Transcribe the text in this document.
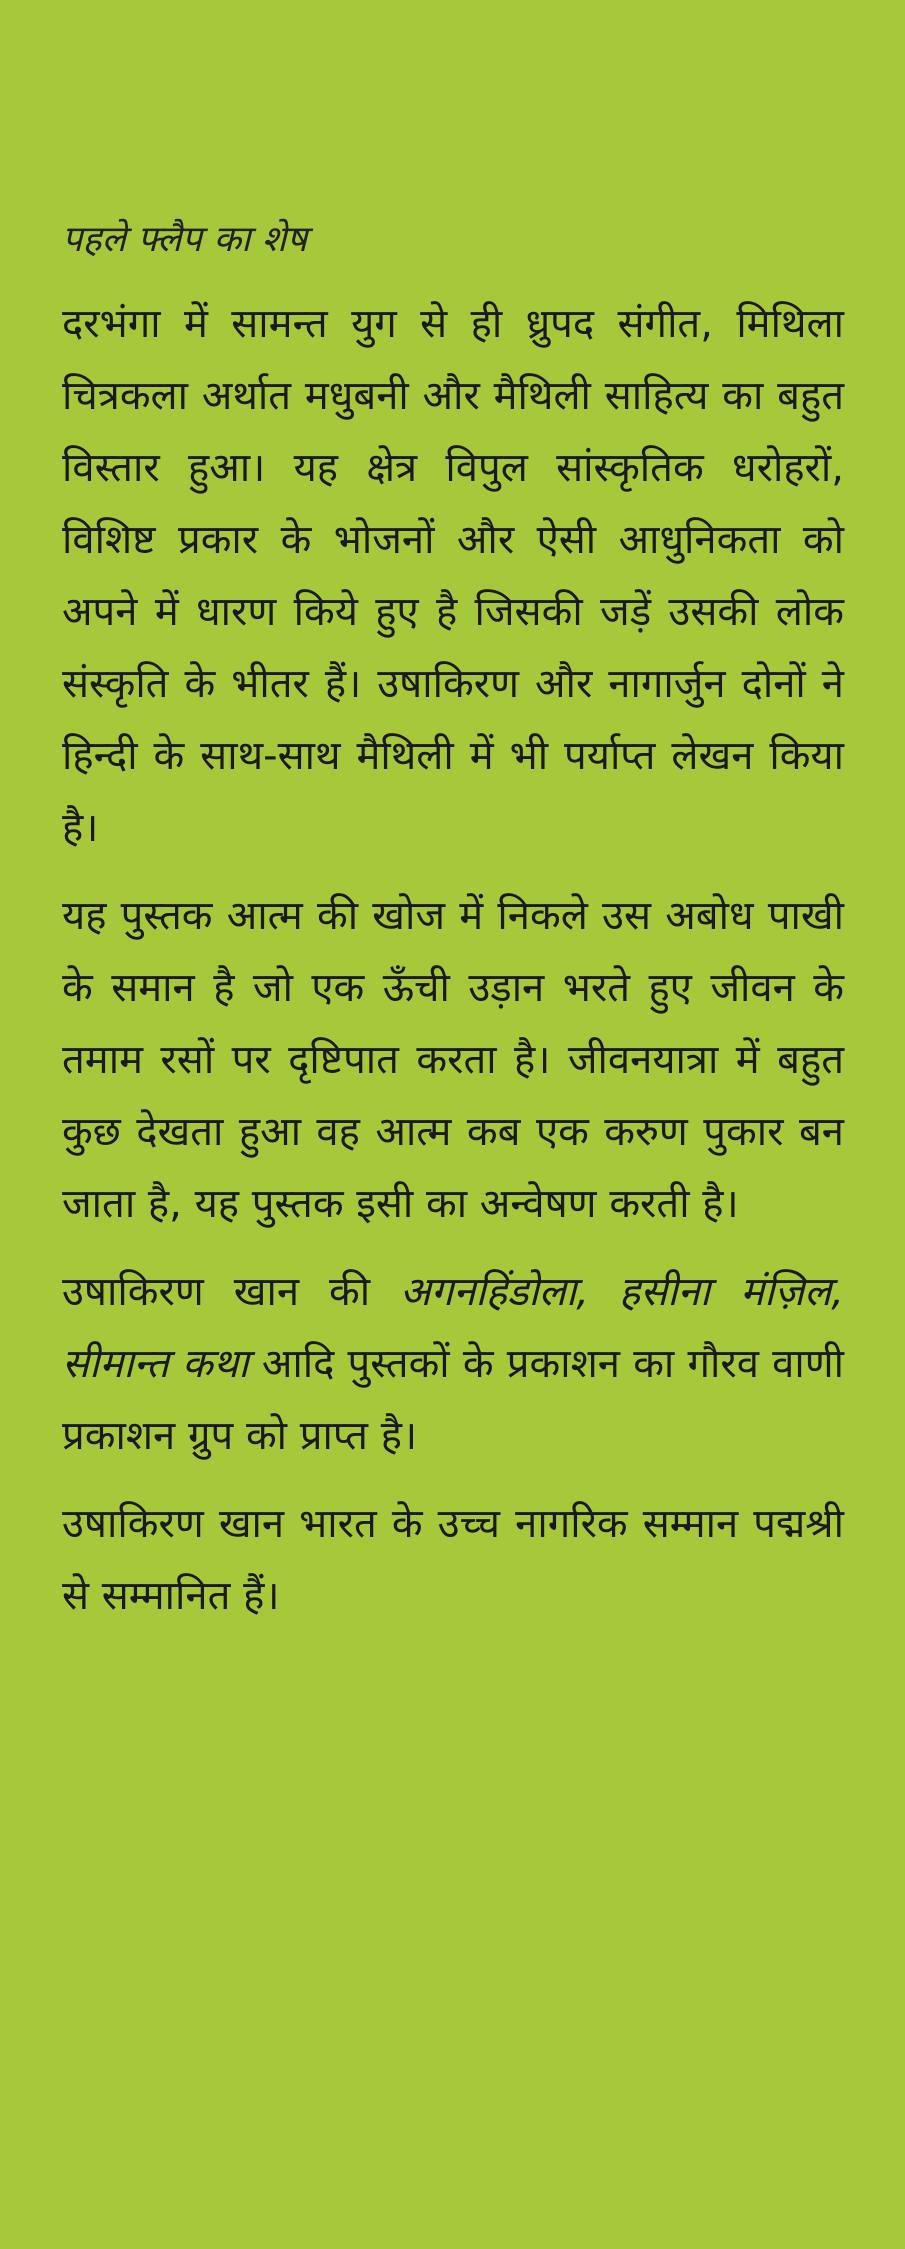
पहले फ्लैप का शेष

दरभंगा में सामन्त युग से ही ध्रुपद संगीत, मिथिला चित्रकला अर्थात मधुबनी और मैथिली साहित्य का बहुत विस्तार हुआ। यह क्षेत्र विपुल सांस्कृतिक धरोहरों, विशिष्ट प्रकार के भोजनों और ऐसी आधुनिकता को अपने में धारण किये हुए है जिसकी जड़ें उसकी लोक संस्कृति के भीतर हैं। उषाकिरण और नागार्जुन दोनों ने हिन्दी के साथ-साथ मैथिली में भी पर्याप्त लेखन किया है।

यह पुस्तक आत्म की खोज में निकले उस अबोध पाखी के समान है जो एक ऊँची उड़ान भरते हुए जीवन के तमाम रसों पर दृष्टिपात करता है। जीवनयात्रा में बहुत कुछ देखता हुआ वह आत्म कब एक करुण पुकार बन जाता है, यह पुस्तक इसी का अन्वेषण करती है।

उषाकिरण खान की अगनहिंडोला, हसीना मंज़िल, सीमान्त कथा आदि पुस्तकों के प्रकाशन का गौरव वाणी प्रकाशन ग्रुप को प्राप्त है।

उषाकिरण खान भारत के उच्च नागरिक सम्मान पद्मश्री से सम्मानित हैं।
